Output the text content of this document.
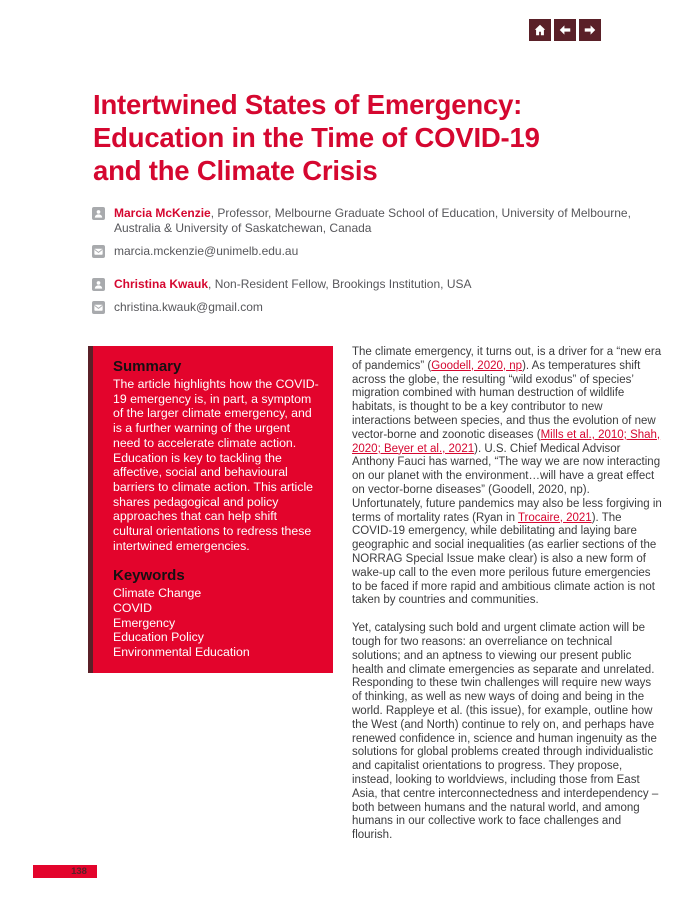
Intertwined States of Emergency:
Education in the Time of COVID-19
and the Climate Crisis

Marcia McKenzie, Professor, Melbourne Graduate School of Education, University of Melbourne, Australia & University of Saskatchewan, Canada

marcia.mckenzie@unimelb.edu.au

Christina Kwauk, Non-Resident Fellow, Brookings Institution, USA

christina.kwauk@gmail.com
Summary

The article highlights how the COVID-19 emergency is, in part, a symptom of the larger climate emergency, and is a further warning of the urgent need to accelerate climate action. Education is key to tackling the affective, social and behavioural barriers to climate action. This article shares pedagogical and policy approaches that can help shift cultural orientations to redress these intertwined emergencies.

Keywords
Climate Change
COVID
Emergency
Education Policy
Environmental Education

The climate emergency, it turns out, is a driver for a “new era of pandemics” (Goodell, 2020, np). As temperatures shift across the globe, the resulting “wild exodus” of species’ migration combined with human destruction of wildlife habitats, is thought to be a key contributor to new interactions between species, and thus the evolution of new vector-borne and zoonotic diseases (Mills et al., 2010; Shah, 2020; Beyer et al., 2021). U.S. Chief Medical Advisor Anthony Fauci has warned, “The way we are now interacting on our planet with the environment…will have a great effect on vector-borne diseases” (Goodell, 2020, np). Unfortunately, future pandemics may also be less forgiving in terms of mortality rates (Ryan in Trocaire, 2021). The COVID-19 emergency, while debilitating and laying bare geographic and social inequalities (as earlier sections of the NORRAG Special Issue make clear) is also a new form of wake-up call to the even more perilous future emergencies to be faced if more rapid and ambitious climate action is not taken by countries and communities.

Yet, catalysing such bold and urgent climate action will be tough for two reasons: an overreliance on technical solutions; and an aptness to viewing our present public health and climate emergencies as separate and unrelated. Responding to these twin challenges will require new ways of thinking, as well as new ways of doing and being in the world. Rappleye et al. (this issue), for example, outline how the West (and North) continue to rely on, and perhaps have renewed confidence in, science and human ingenuity as the solutions for global problems created through individualistic and capitalist orientations to progress. They propose, instead, looking to worldviews, including those from East Asia, that centre interconnectedness and interdependency – both between humans and the natural world, and among humans in our collective work to face challenges and flourish.

138
